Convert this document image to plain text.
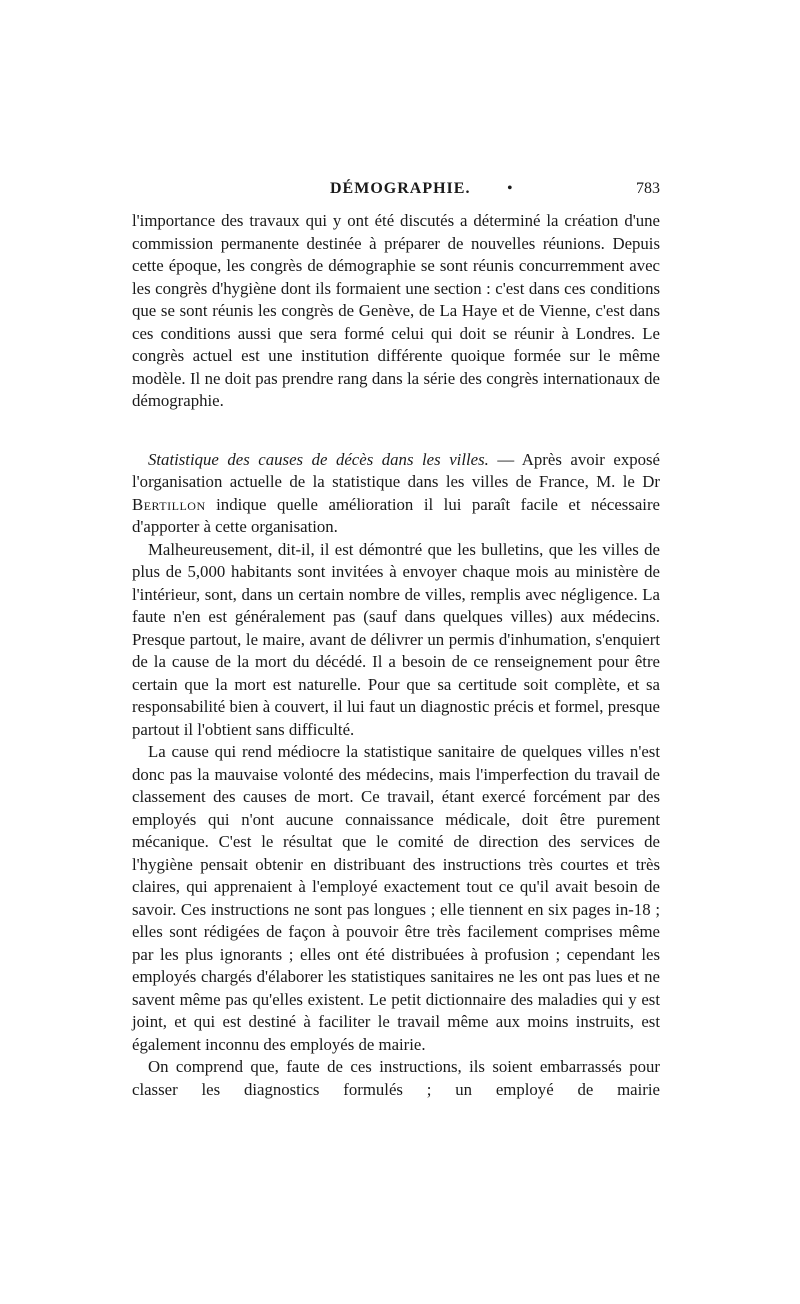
DÉMOGRAPHIE. •	783

l'importance des travaux qui y ont été discutés a déterminé la création d'une commission permanente destinée à préparer de nouvelles réunions. Depuis cette époque, les congrès de démographie se sont réunis concurremment avec les congrès d'hygiène dont ils formaient une section : c'est dans ces conditions que se sont réunis les congrès de Genève, de La Haye et de Vienne, c'est dans ces conditions aussi que sera formé celui qui doit se réunir à Londres. Le congrès actuel est une institution différente quoique formée sur le même modèle. Il ne doit pas prendre rang dans la série des congrès internationaux de démographie.

Statistique des causes de décès dans les villes. — Après avoir exposé l'organisation actuelle de la statistique dans les villes de France, M. le Dr Bertillon indique quelle amélioration il lui paraît facile et nécessaire d'apporter à cette organisation.

Malheureusement, dit-il, il est démontré que les bulletins, que les villes de plus de 5,000 habitants sont invitées à envoyer chaque mois au ministère de l'intérieur, sont, dans un certain nombre de villes, remplis avec négligence. La faute n'en est généralement pas (sauf dans quelques villes) aux médecins. Presque partout, le maire, avant de délivrer un permis d'inhumation, s'enquiert de la cause de la mort du décédé. Il a besoin de ce renseignement pour être certain que la mort est naturelle. Pour que sa certitude soit complète, et sa responsabilité bien à couvert, il lui faut un diagnostic précis et formel, presque partout il l'obtient sans difficulté.

La cause qui rend médiocre la statistique sanitaire de quelques villes n'est donc pas la mauvaise volonté des médecins, mais l'imperfection du travail de classement des causes de mort. Ce travail, étant exercé forcément par des employés qui n'ont aucune connaissance médicale, doit être purement mécanique. C'est le résultat que le comité de direction des services de l'hygiène pensait obtenir en distribuant des instructions très courtes et très claires, qui apprenaient à l'employé exactement tout ce qu'il avait besoin de savoir. Ces instructions ne sont pas longues ; elle tiennent en six pages in-18 ; elles sont rédigées de façon à pouvoir être très facilement comprises même par les plus ignorants ; elles ont été distribuées à profusion ; cependant les employés chargés d'élaborer les statistiques sanitaires ne les ont pas lues et ne savent même pas qu'elles existent. Le petit dictionnaire des maladies qui y est joint, et qui est destiné à faciliter le travail même aux moins instruits, est également inconnu des employés de mairie.

On comprend que, faute de ces instructions, ils soient embarrassés pour classer les diagnostics formulés ; un employé de mairie
